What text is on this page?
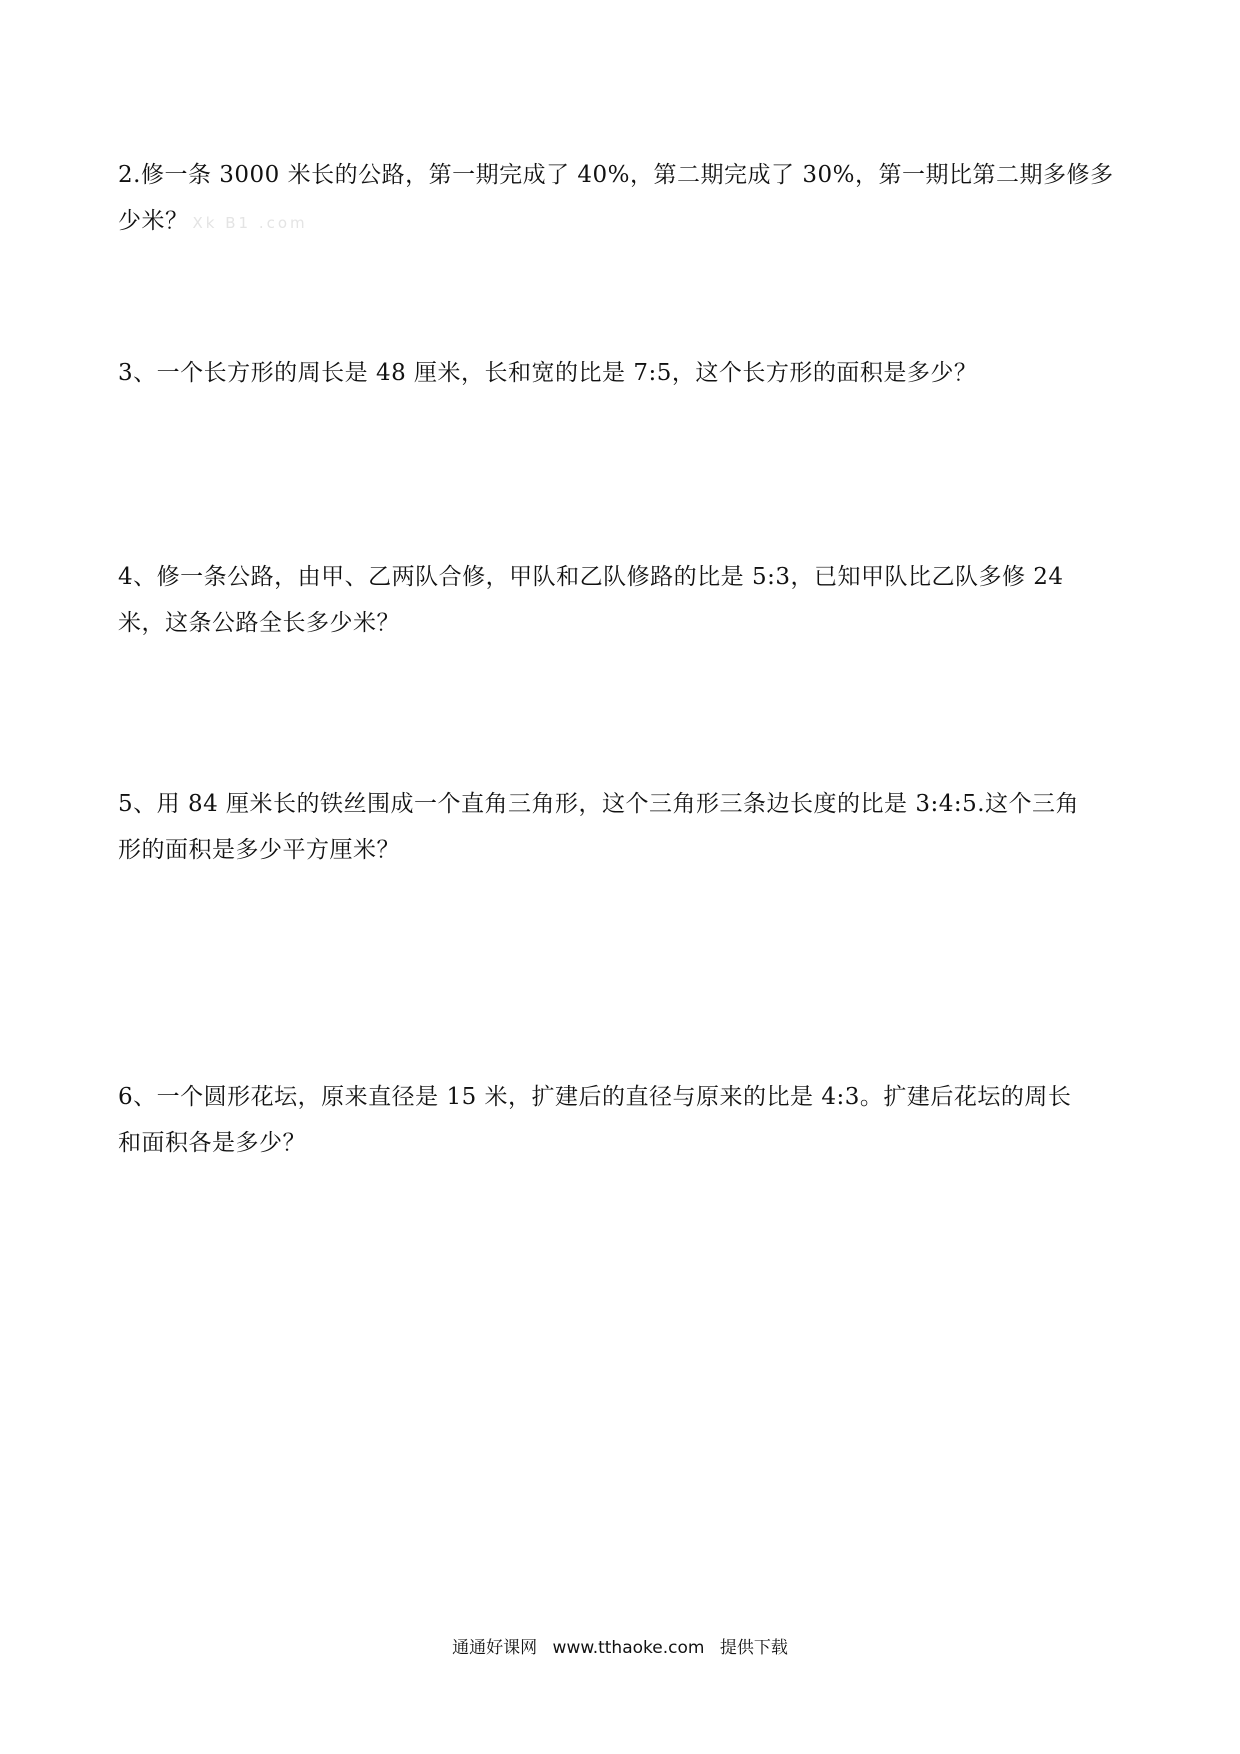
2.修一条 3000 米长的公路，第一期完成了 40%，第二期完成了 30%，第一期比第二期多修多
少米？ Xk B1 .com
3、一个长方形的周长是 48 厘米，长和宽的比是 7:5，这个长方形的面积是多少？
4、修一条公路，由甲、乙两队合修，甲队和乙队修路的比是 5:3，已知甲队比乙队多修 24
米，这条公路全长多少米？
5、用 84 厘米长的铁丝围成一个直角三角形，这个三角形三条边长度的比是 3:4:5.这个三角
形的面积是多少平方厘米？
6、一个圆形花坛，原来直径是 15 米，扩建后的直径与原来的比是 4:3。扩建后花坛的周长
和面积各是多少？
通通好课网 www.tthaoke.com 提供下载
